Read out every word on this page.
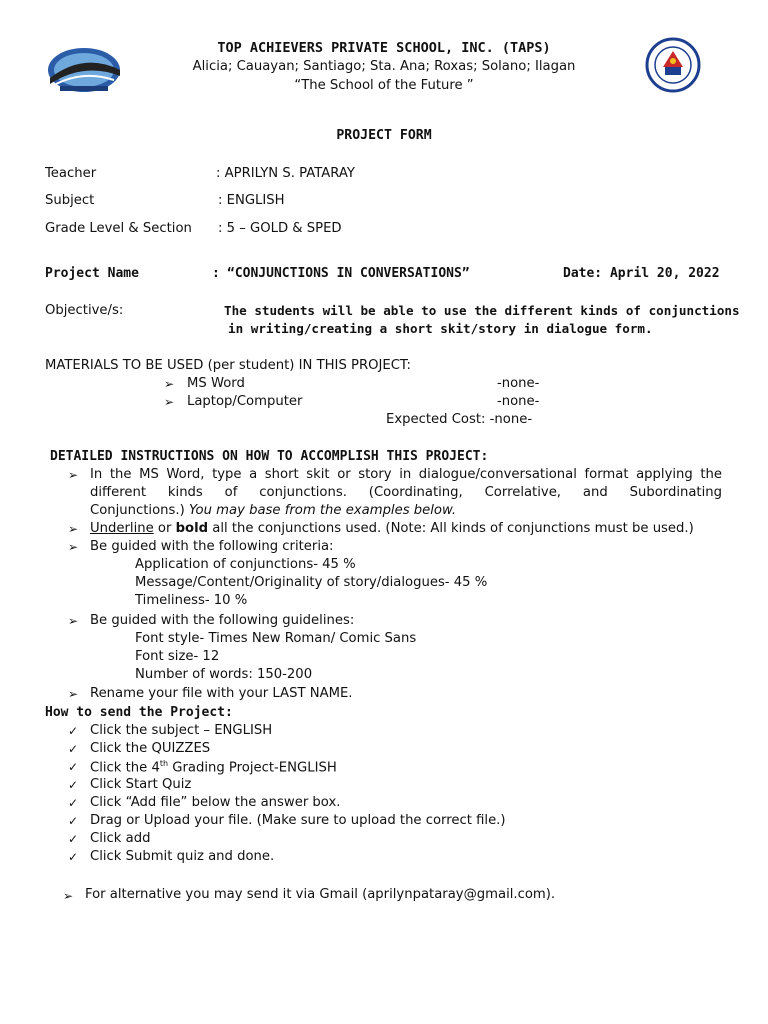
TOP ACHIEVERS PRIVATE SCHOOL, INC. (TAPS)
Alicia; Cauayan; Santiago; Sta. Ana; Roxas; Solano; Ilagan
“The School of the Future ”
PROJECT FORM
Teacher	: APRILYN S. PATARAY
Subject	: ENGLISH
Grade Level & Section : 5 – GOLD & SPED
Project Name	: “CONJUNCTIONS IN CONVERSATIONS”	Date: April 20, 2022
Objective/s:	The students will be able to use the different kinds of conjunctions
in writing/creating a short skit/story in dialogue form.
MATERIALS TO BE USED (per student) IN THIS PROJECT:
➢ MS Word	-none-
➢ Laptop/Computer	-none-
Expected Cost: -none-
DETAILED INSTRUCTIONS ON HOW TO ACCOMPLISH THIS PROJECT:
➢ In the MS Word, type a short skit or story in dialogue/conversational format applying the
different kinds of conjunctions. (Coordinating, Correlative, and Subordinating
Conjunctions.) You may base from the examples below.
➢ Underline or bold all the conjunctions used. (Note: All kinds of conjunctions must be used.)
➢ Be guided with the following criteria:
Application of conjunctions- 45 %
Message/Content/Originality of story/dialogues- 45 %
Timeliness- 10 %
➢ Be guided with the following guidelines:
Font style- Times New Roman/ Comic Sans
Font size- 12
Number of words: 150-200
➢ Rename your file with your LAST NAME.
How to send the Project:
✓ Click the subject – ENGLISH
✓ Click the QUIZZES
✓ Click the 4th Grading Project-ENGLISH
✓ Click Start Quiz
✓ Click “Add file” below the answer box.
✓ Drag or Upload your file. (Make sure to upload the correct file.)
✓ Click add
✓ Click Submit quiz and done.
➢ For alternative you may send it via Gmail (aprilynpataray@gmail.com).
